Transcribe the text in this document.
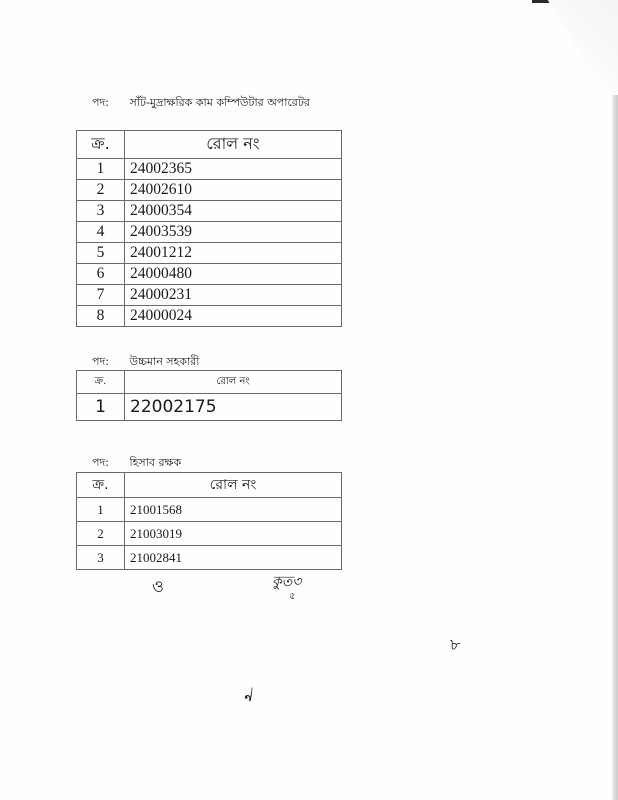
পদ: সাঁট-মুদ্রাক্ষরিক কাম কম্পিউটার অপারেটর
ক্র.	রোল নং
1	24002365
2	24002610
3	24000354
4	24003539
5	24001212
6	24000480
7	24000231
8	24000024
পদ: উচ্চমান সহকারী
ক্র.	রোল নং
1	22002175
পদ: হিসাব রক্ষক
ক্র.	রোল নং
1	21001568
2	21003019
3	21002841
ও	কুত৩
৫
৮
৵
